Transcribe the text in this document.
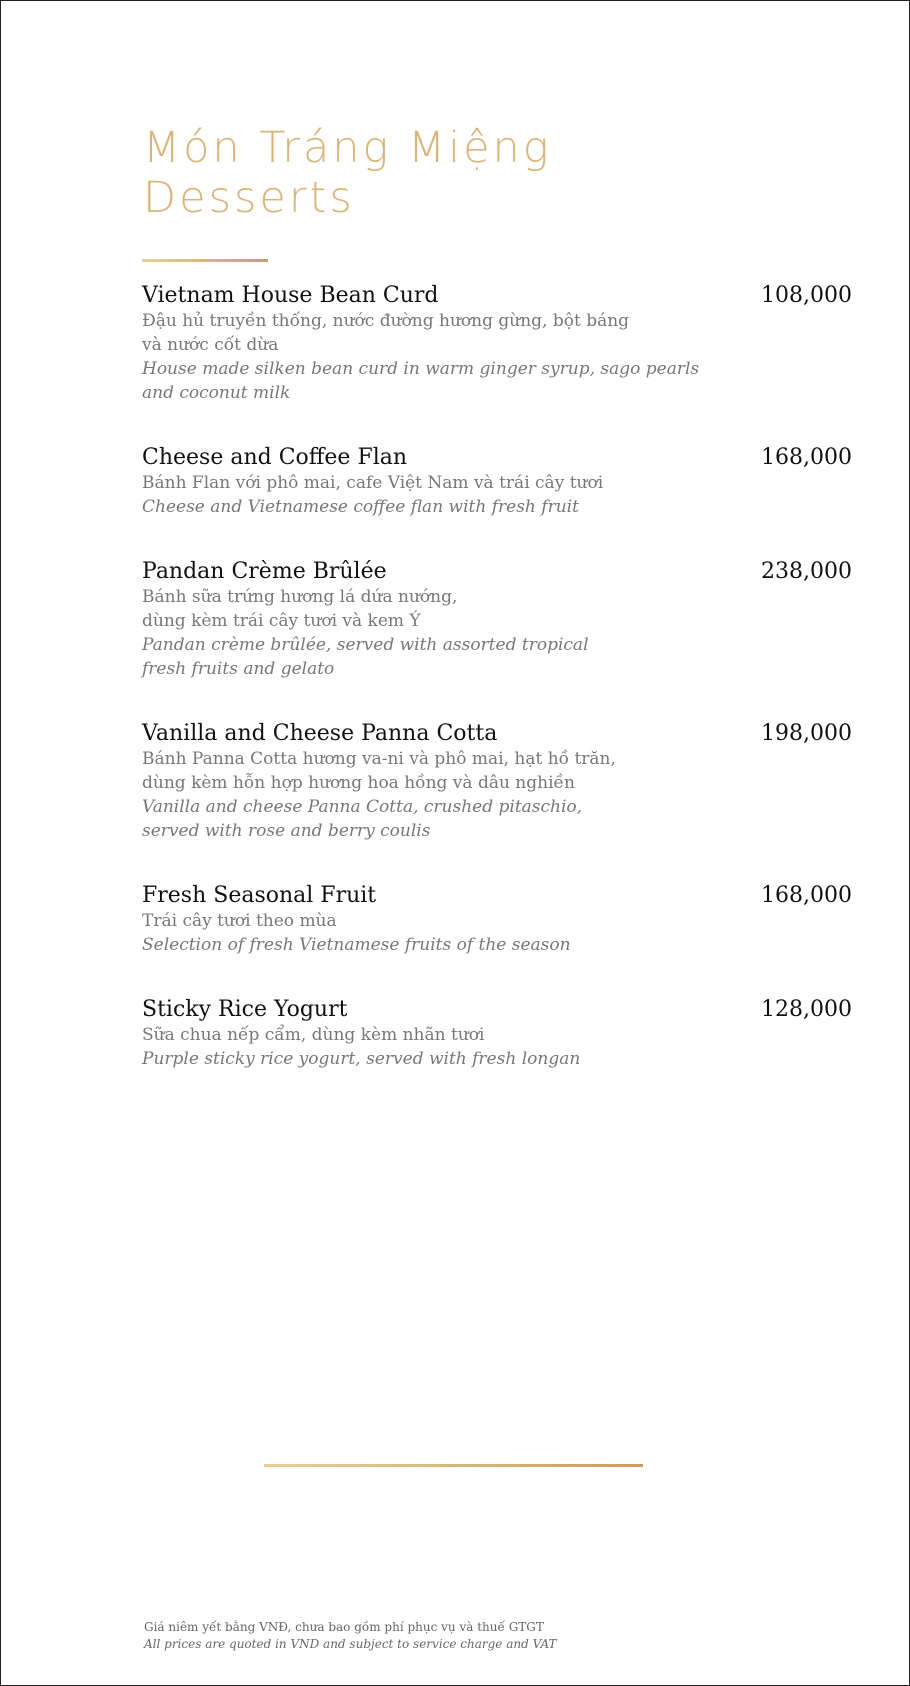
Món Tráng Miệng
Desserts
Vietnam House Bean Curd	108,000
Đậu hủ truyền thống, nước đường hương gừng, bột báng
và nước cốt dừa
House made silken bean curd in warm ginger syrup, sago pearls
and coconut milk
Cheese and Coffee Flan	168,000
Bánh Flan với phô mai, cafe Việt Nam và trái cây tươi
Cheese and Vietnamese coffee flan with fresh fruit
Pandan Crème Brûlée	238,000
Bánh sữa trứng hương lá dứa nướng,
dùng kèm trái cây tươi và kem Ý
Pandan crème brûlée, served with assorted tropical
fresh fruits and gelato
Vanilla and Cheese Panna Cotta	198,000
Bánh Panna Cotta hương va-ni và phô mai, hạt hồ trăn,
dùng kèm hỗn hợp hương hoa hồng và dâu nghiền
Vanilla and cheese Panna Cotta, crushed pitaschio,
served with rose and berry coulis
Fresh Seasonal Fruit	168,000
Trái cây tươi theo mùa
Selection of fresh Vietnamese fruits of the season
Sticky Rice Yogurt	128,000
Sữa chua nếp cẩm, dùng kèm nhãn tươi
Purple sticky rice yogurt, served with fresh longan
Giá niêm yết bằng VNĐ, chưa bao gồm phí phục vụ và thuế GTGT
All prices are quoted in VND and subject to service charge and VAT
